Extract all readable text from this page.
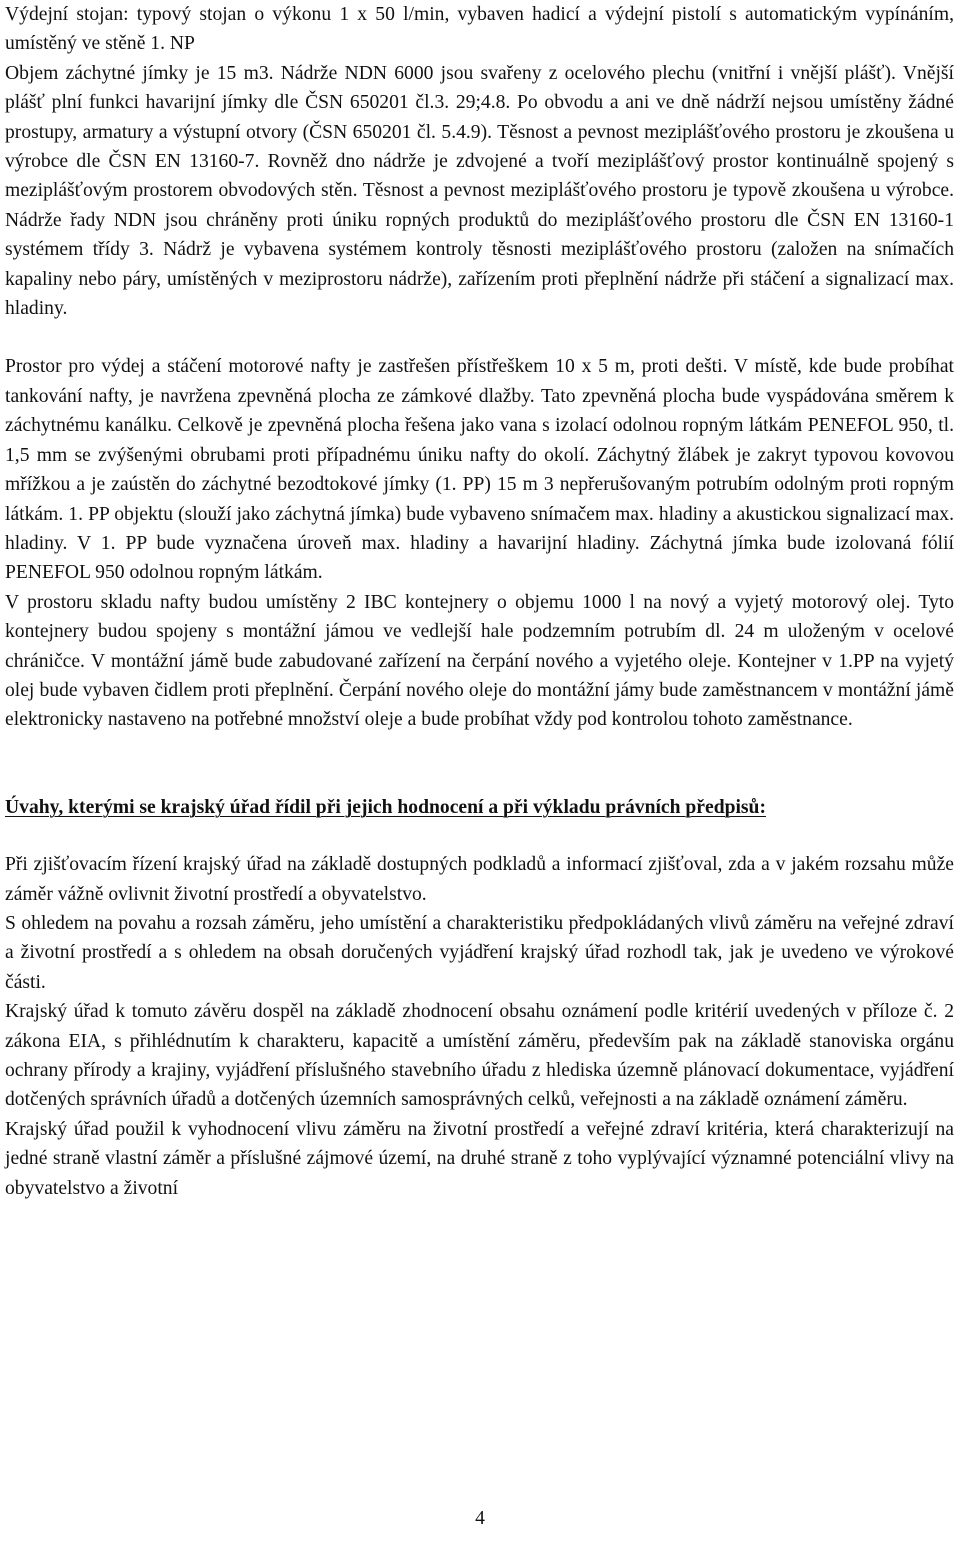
Výdejní stojan: typový stojan o výkonu 1 x 50 l/min, vybaven hadicí a výdejní pistolí s automatickým vypínáním, umístěný ve stěně 1. NP

Objem záchytné jímky je 15 m3. Nádrže NDN 6000 jsou svařeny z ocelového plechu (vnitřní i vnější plášť). Vnější plášť plní funkci havarijní jímky dle ČSN 650201 čl.3. 29;4.8. Po obvodu a ani ve dně nádrží nejsou umístěny žádné prostupy, armatury a výstupní otvory (ČSN 650201 čl. 5.4.9). Těsnost a pevnost meziplášťového prostoru je zkoušena u výrobce dle ČSN EN 13160-7. Rovněž dno nádrže je zdvojené a tvoří meziplášťový prostor kontinuálně spojený s meziplášťovým prostorem obvodových stěn. Těsnost a pevnost meziplášťového prostoru je typově zkoušena u výrobce. Nádrže řady NDN jsou chráněny proti úniku ropných produktů do meziplášťového prostoru dle ČSN EN 13160-1 systémem třídy 3. Nádrž je vybavena systémem kontroly těsnosti meziplášťového prostoru (založen na snímačích kapaliny nebo páry, umístěných v meziprostoru nádrže), zařízením proti přeplnění nádrže při stáčení a signalizací max. hladiny.

Prostor pro výdej a stáčení motorové nafty je zastřešen přístřeškem 10 x 5 m, proti dešti. V místě, kde bude probíhat tankování nafty, je navržena zpevněná plocha ze zámkové dlažby. Tato zpevněná plocha bude vyspádována směrem k záchytnému kanálku. Celkově je zpevněná plocha řešena jako vana s izolací odolnou ropným látkám PENEFOL 950, tl. 1,5 mm se zvýšenými obrubami proti případnému úniku nafty do okolí. Záchytný žlábek je zakryt typovou kovovou mřížkou a je zaústěn do záchytné bezodtokové jímky (1. PP) 15 m 3 nepřerušovaným potrubím odolným proti ropným látkám. 1. PP objektu (slouží jako záchytná jímka) bude vybaveno snímačem max. hladiny a akustickou signalizací max. hladiny. V 1. PP bude vyznačena úroveň max. hladiny a havarijní hladiny. Záchytná jímka bude izolovaná fólií PENEFOL 950 odolnou ropným látkám.

V prostoru skladu nafty budou umístěny 2 IBC kontejnery o objemu 1000 l na nový a vyjetý motorový olej. Tyto kontejnery budou spojeny s montážní jámou ve vedlejší hale podzemním potrubím dl. 24 m uloženým v ocelové chráničce. V montážní jámě bude zabudované zařízení na čerpání nového a vyjetého oleje. Kontejner v 1.PP na vyjetý olej bude vybaven čidlem proti přeplnění. Čerpání nového oleje do montážní jámy bude zaměstnancem v montážní jámě elektronicky nastaveno na potřebné množství oleje a bude probíhat vždy pod kontrolou tohoto zaměstnance.

Úvahy, kterými se krajský úřad řídil při jejich hodnocení a při výkladu právních předpisů:

Při zjišťovacím řízení krajský úřad na základě dostupných podkladů a informací zjišťoval, zda a v jakém rozsahu může záměr vážně ovlivnit životní prostředí a obyvatelstvo.

S ohledem na povahu a rozsah záměru, jeho umístění a charakteristiku předpokládaných vlivů záměru na veřejné zdraví a životní prostředí a s ohledem na obsah doručených vyjádření krajský úřad rozhodl tak, jak je uvedeno ve výrokové části.

Krajský úřad k tomuto závěru dospěl na základě zhodnocení obsahu oznámení podle kritérií uvedených v příloze č. 2 zákona EIA, s přihlédnutím k charakteru, kapacitě a umístění záměru, především pak na základě stanoviska orgánu ochrany přírody a krajiny, vyjádření příslušného stavebního úřadu z hlediska územně plánovací dokumentace, vyjádření dotčených správních úřadů a dotčených územních samosprávných celků, veřejnosti a na základě oznámení záměru.

Krajský úřad použil k vyhodnocení vlivu záměru na životní prostředí a veřejné zdraví kritéria, která charakterizují na jedné straně vlastní záměr a příslušné zájmové území, na druhé straně z toho vyplývající významné potenciální vlivy na obyvatelstvo a životní

4
